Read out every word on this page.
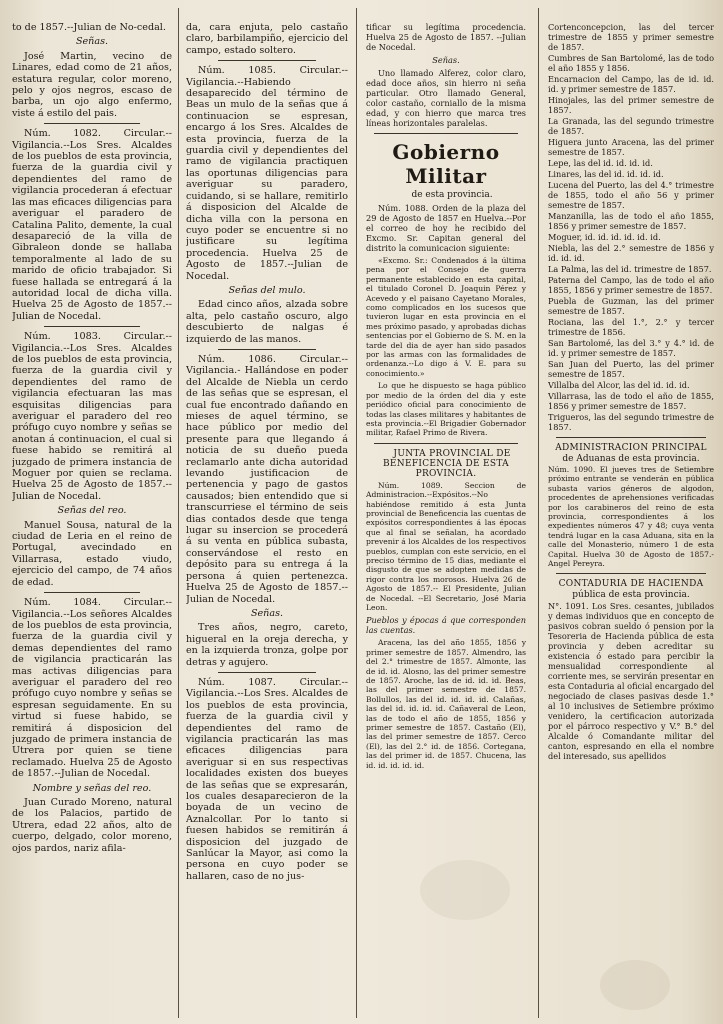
to de 1857.--Julian de No-cedal.

Señas.

José Martin, vecino de Linares, edad como de 21 años, estatura regular, color moreno, pelo y ojos negros, escaso de barba, un ojo algo enfermo, viste á estilo del pais.

Núm. 1082. Circular.-- Vigilancia.--Los Sres. Alcaldes de los pueblos de esta provincia, fuerza de la guardia civil y dependientes del ramo de vigilancia procederan á efectuar las mas eficaces diligencias para averiguar el paradero de Catalina Palito, demente, la cual desapareció de la villa de Gibraleon donde se hallaba temporalmente al lado de su marido de oficio trabajador. Si fuese hallada se entregará á la autoridad local de dicha villa. Huelva 25 de Agosto de 1857.--Julian de Nocedal.

Núm. 1083. Circular.-- Vigilancia.--Los Sres. Alcaldes de los pueblos de esta provincia, fuerza de la guardia civil y dependientes del ramo de vigilancia efectuaran las mas esquisitas diligencias para averiguar el paradero del reo prófugo cuyo nombre y señas se anotan á continuacion, el cual si fuese habido se remitirá al juzgado de primera instancia de Moguer por quien se reclama. Huelva 25 de Agosto de 1857.--Julian de Nocedal.

Señas del reo.

Manuel Sousa, natural de la ciudad de Leria en el reino de Portugal, avecindado en Villarrasa, estado viudo, ejercicio del campo, de 74 años de edad.

Núm. 1084. Circular.-- Vigilancia.--Los señores Alcaldes de los pueblos de esta provincia, fuerza de la guardia civil y demas dependientes del ramo de vigilancia practicarán las mas activas diligencias para averiguar el paradero del reo prófugo cuyo nombre y señas se espresan seguidamente. En su virtud si fuese habido, se remitirá á disposicion del juzgado de primera instancia de Utrera por quien se tiene reclamado. Huelva 25 de Agosto de 1857.--Julian de Nocedal.

Nombre y señas del reo.

Juan Curado Moreno, natural de los Palacios, partido de Utrera, edad 22 años, alto de cuerpo, delgado, color moreno, ojos pardos, nariz afila-

da, cara enjuta, pelo castaño claro, barbilampiño, ejercicio del campo, estado soltero.

Núm. 1085. Circular.-- Vigilancia.--Habiendo desaparecido del término de Beas un mulo de la señas que á continuacion se espresan, encargo á los Sres. Alcaldes de esta provincia, fuerza de la guardia civil y dependientes del ramo de vigilancia practiquen las oportunas diligencias para averiguar su paradero, cuidando, si se hallare, remitirlo á disposicion del Alcalde de dicha villa con la persona en cuyo poder se encuentre si no justificare su legítima procedencia. Huelva 25 de Agosto de 1857.--Julian de Nocedal.

Señas del mulo.

Edad cinco años, alzada sobre alta, pelo castaño oscuro, algo descubierto de nalgas é izquierdo de las manos.

Núm. 1086. Circular.-- Vigilancia.- Hallándose en poder del Alcalde de Niebla un cerdo de las señas que se espresan, el cual fue encontrado dañando en mieses de aquel término, se hace público por medio del presente para que llegando á noticia de su dueño pueda reclamarlo ante dicha autoridad levando justificacion de pertenencia y pago de gastos causados; bien entendido que si transcurriese el término de seis dias contados desde que tenga lugar su insercion se procederá á su venta en pública subasta, conservándose el resto en depósito para su entrega á la persona á quien pertenezca. Huelva 25 de Agosto de 1857.--Julian de Nocedal.

Señas.

Tres años, negro, careto, higueral en la oreja derecha, y en la izquierda tronza, golpe por detras y agujero.

Núm. 1087. Circular.-- Vigilancia.--Los Sres. Alcaldes de los pueblos de esta provincia, fuerza de la guardia civil y dependientes del ramo de vigilancia practicarán las mas eficaces diligencias para averiguar si en sus respectivas localidades existen dos bueyes de las señas que se expresarán, los cuales desaparecieron de la boyada de un vecino de Aznalcollar. Por lo tanto si fuesen habidos se remitirán á disposicion del juzgado de Sanlúcar la Mayor, asi como la persona en cuyo poder se hallaren, caso de no jus-

tificar su legítima procedencia. Huelva 25 de Agosto de 1857. --Julian de Nocedal.

Señas.

Uno llamado Alferez, color claro, edad doce años, sin hierro ni seña particular. Otro llamado General, color castaño, corniallo de la misma edad, y con hierro que marca tres líneas horizontales paralelas.

Gobierno Militar

de esta provincia.

Núm. 1088. Orden de la plaza del 29 de Agosto de 1857 en Huelva.--Por el correo de hoy he recibido del Excmo. Sr. Capitan general del distrito la comunicacion siguiente:

«Excmo. Sr.: Condenados á la última pena por el Consejo de guerra permanente establecido en esta capital, el titulado Coronel D. Joaquin Pérez y Acevedo y el paisano Cayetano Morales, como complicados en los sucesos que tuvieron lugar en esta provincia en el mes próximo pasado, y aprobadas dichas sentencias por el Gobierno de S. M. en la tarde del dia de ayer han sido pasados por las armas con las formalidades de ordenanza.--Lo digo á V. E. para su conocimiento.»

Lo que he dispuesto se haga público por medio de la órden del dia y este periódico oficial para conocimiento de todas las clases militares y habitantes de esta provincia.--El Brigadier Gobernador militar, Rafael Primo de Rivera.

JUNTA PROVINCIAL DE BENEFICENCIA DE ESTA PROVINCIA.

Núm. 1089. Seccion de Administracion.--Expósitos.--No habiéndose remitido á esta Junta provincial de Beneficencia las cuentas de expósitos correspondientes á las épocas que al final se señalan, ha acordado prevenir á los Alcaldes de los respectivos pueblos, cumplan con este servicio, en el preciso término de 15 dias, mediante el disgusto de que se adopten medidas de rigor contra los morosos. Huelva 26 de Agosto de 1857.-- El Presidente, Julian de Nocedal. --El Secretario, José Maria Leon.

Pueblos y épocas á que corresponden las cuentas.

Aracena, las del año 1855, 1856 y primer semestre de 1857. Almendro, las del 2.° trimestre de 1857. Almonte, las de id. id. Alosno, las del primer semestre de 1857. Aroche, las de id. id. id. Beas, las del primer semestre de 1857. Bollullos, las del id. id. id. id. Calañas, las del id. id. id. id. Cañaveral de Leon, las de todo el año de 1855, 1856 y primer semestre de 1857. Castaño (El), las del primer semestre de 1857. Cerco (El), las del 2.° id. de 1856. Cortegana, las del primer id. de 1857. Chucena, las id. id. id. id. id.

Cortenconcepcion, las del tercer trimestre de 1855 y primer semestre de 1857.

Cumbres de San Bartolomé, las de todo el año 1855 y 1856.

Encarnacion del Campo, las de id. id. id. y primer semestre de 1857.

Hinojales, las del primer semestre de 1857.

La Granada, las del segundo trimestre de 1857.

Higuera junto Aracena, las del primer semestre de 1857.

Lepe, las del id. id. id. id.

Linares, las del id. id. id. id.

Lucena del Puerto, las del 4.° trimestre de 1855, todo el año 56 y primer semestre de 1857.

Manzanilla, las de todo el año 1855, 1856 y primer semestre de 1857.

Moguer, id. id. id. id. id. id.

Niebla, las del 2.° semestre de 1856 y id. id. id.

La Palma, las del id. trimestre de 1857.

Paterna del Campo, las de todo el año 1855, 1856 y primer semestre de 1857.

Puebla de Guzman, las del primer semestre de 1857.

Rociana, las del 1.°, 2.° y tercer trimestre de 1856.

San Bartolomé, las del 3.° y 4.° id. de id. y primer semestre de 1857.

San Juan del Puerto, las del primer semestre de 1857.

Villalba del Alcor, las del id. id. id.

Villarrasa, las de todo el año de 1855, 1856 y primer semestre de 1857.

Trigueros, las del segundo trimestre de 1857.

ADMINISTRACION PRINCIPAL

de Aduanas de esta provincia.

Núm. 1090. El jueves tres de Setiembre próximo entrante se venderán en pública subasta varios géneros de algodon, procedentes de aprehensiones verificadas por los carabineros del reino de esta provincia, correspondientes á los expedientes números 47 y 48; cuya venta tendrá lugar en la casa Aduana, sita en la calle del Monasterio, número 1 de esta Capital. Huelva 30 de Agosto de 1857.-Angel Pereyra.

CONTADURIA DE HACIENDA

pública de esta provincia.

N°. 1091. Los Sres. cesantes, jubilados y demas individuos que en concepto de pasivos cobran sueldo ó pension por la Tesoreria de Hacienda pública de esta provincia y deben acreditar su existencia ó estado para percibir la mensualidad correspondiente al corriente mes, se servirán presentar en esta Contaduria al oficial encargado del negociado de clases pasivas desde 1.° al 10 inclusives de Setiembre próximo venidero, la certificacion autorizada por el párroco respectivo y V.° B.° del Alcalde ó Comandante militar del canton, espresando en ella el nombre del interesado, sus apellidos
